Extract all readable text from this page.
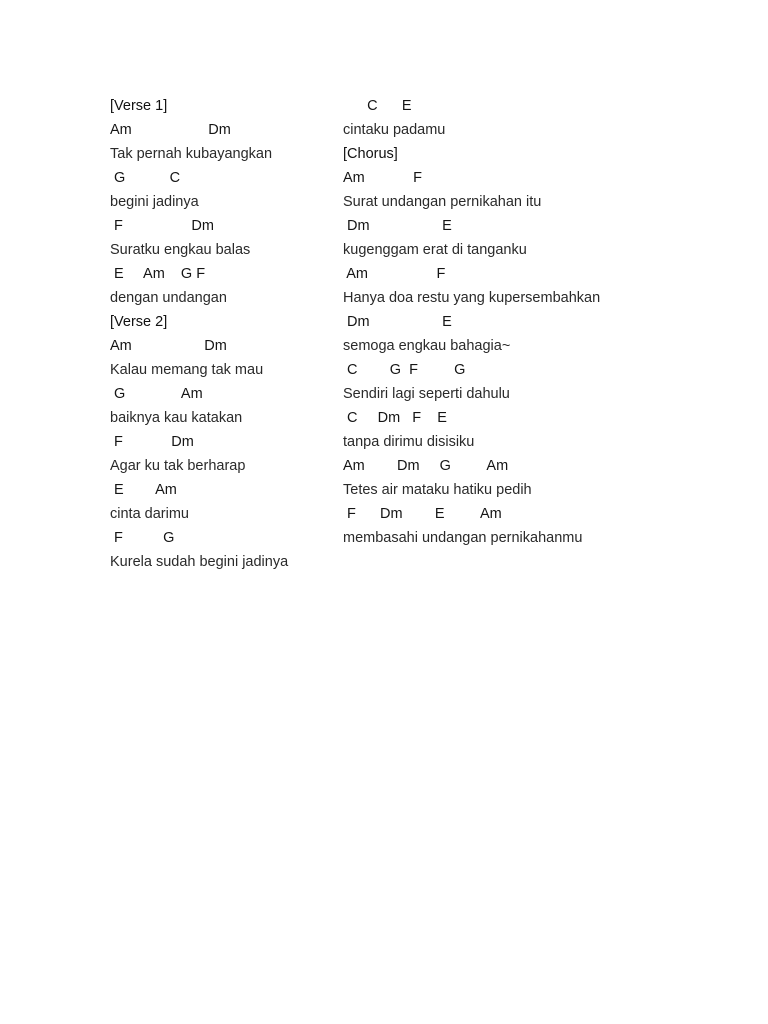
[Verse 1]
Am                   Dm
Tak pernah kubayangkan
G           C
begini jadinya
F                 Dm
Suratku engkau balas
E     Am    G F
dengan undangan
[Verse 2]
Am                  Dm
Kalau memang tak mau
G              Am
baiknya kau katakan
F            Dm
Agar ku tak berharap
E        Am
cinta darimu
F          G
Kurela sudah begini jadinya
C      E
cintaku padamu
[Chorus]
Am            F
Surat undangan pernikahan itu
Dm                  E
kugenggam erat di tanganku
Am                 F
Hanya doa restu yang kupersembahkan
Dm                  E
semoga engkau bahagia~
C        G  F         G
Sendiri lagi seperti dahulu
C     Dm   F    E
tanpa dirimu disisiku
Am        Dm     G         Am
Tetes air mataku hatiku pedih
F      Dm        E         Am
membasahi undangan pernikahanmu
